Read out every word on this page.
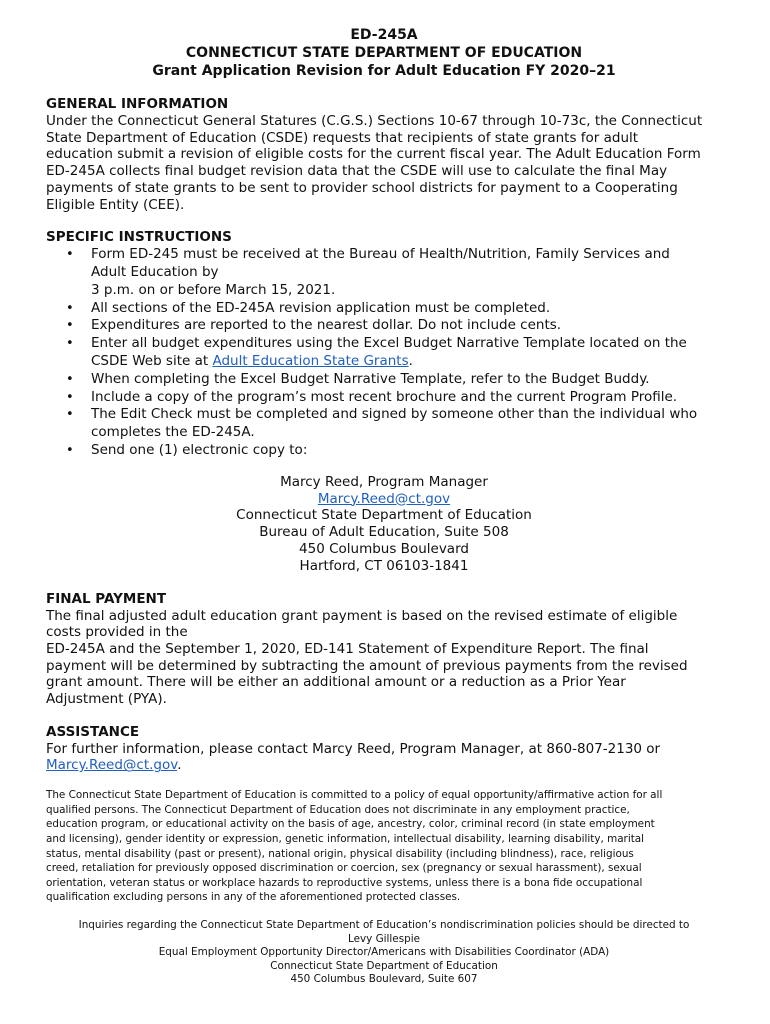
ED-245A
CONNECTICUT STATE DEPARTMENT OF EDUCATION
Grant Application Revision for Adult Education FY 2020–21

GENERAL INFORMATION

Under the Connecticut General Statures (C.G.S.) Sections 10-67 through 10-73c, the Connecticut
State Department of Education (CSDE) requests that recipients of state grants for adult
education submit a revision of eligible costs for the current fiscal year. The Adult Education Form
ED-245A collects final budget revision data that the CSDE will use to calculate the final May
payments of state grants to be sent to provider school districts for payment to a Cooperating
Eligible Entity (CEE).

SPECIFIC INSTRUCTIONS

• Form ED-245 must be received at the Bureau of Health/Nutrition, Family Services and
Adult Education by
3 p.m. on or before March 15, 2021.
• All sections of the ED-245A revision application must be completed.
• Expenditures are reported to the nearest dollar. Do not include cents.
• Enter all budget expenditures using the Excel Budget Narrative Template located on the
CSDE Web site at Adult Education State Grants.
• When completing the Excel Budget Narrative Template, refer to the Budget Buddy.
• Include a copy of the program’s most recent brochure and the current Program Profile.
• The Edit Check must be completed and signed by someone other than the individual who
completes the ED-245A.
• Send one (1) electronic copy to:
Marcy Reed, Program Manager
Marcy.Reed@ct.gov
Connecticut State Department of Education
Bureau of Adult Education, Suite 508
450 Columbus Boulevard
Hartford, CT 06103-1841

FINAL PAYMENT

The final adjusted adult education grant payment is based on the revised estimate of eligible
costs provided in the
ED-245A and the September 1, 2020, ED-141 Statement of Expenditure Report. The final
payment will be determined by subtracting the amount of previous payments from the revised
grant amount. There will be either an additional amount or a reduction as a Prior Year
Adjustment (PYA).

ASSISTANCE

For further information, please contact Marcy Reed, Program Manager, at 860-807-2130 or
Marcy.Reed@ct.gov.

The Connecticut State Department of Education is committed to a policy of equal opportunity/affirmative action for all
qualified persons. The Connecticut Department of Education does not discriminate in any employment practice,
education program, or educational activity on the basis of age, ancestry, color, criminal record (in state employment
and licensing), gender identity or expression, genetic information, intellectual disability, learning disability, marital
status, mental disability (past or present), national origin, physical disability (including blindness), race, religious
creed, retaliation for previously opposed discrimination or coercion, sex (pregnancy or sexual harassment), sexual
orientation, veteran status or workplace hazards to reproductive systems, unless there is a bona fide occupational
qualification excluding persons in any of the aforementioned protected classes.

Inquiries regarding the Connecticut State Department of Education’s nondiscrimination policies should be directed to
Levy Gillespie
Equal Employment Opportunity Director/Americans with Disabilities Coordinator (ADA)
Connecticut State Department of Education
450 Columbus Boulevard, Suite 607
